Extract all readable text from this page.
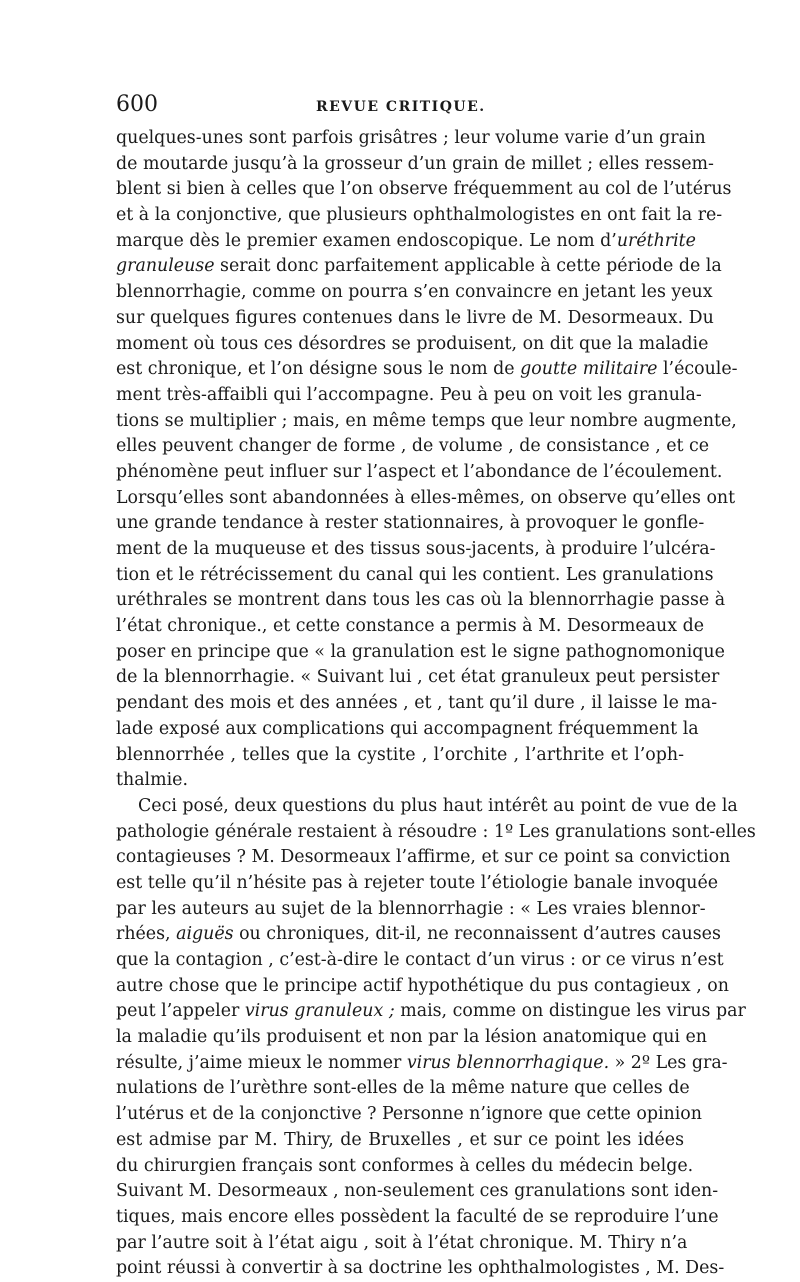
600	REVUE CRITIQUE.
quelques-unes sont parfois grisâtres ; leur volume varie d’un grain
de moutarde jusqu’à la grosseur d’un grain de millet ; elles ressem-
blent si bien à celles que l’on observe fréquemment au col de l’utérus
et à la conjonctive, que plusieurs ophthalmologistes en ont fait la re-
marque dès le premier examen endoscopique. Le nom d’uréthrite
granuleuse serait donc parfaitement applicable à cette période de la
blennorrhagie, comme on pourra s’en convaincre en jetant les yeux
sur quelques figures contenues dans le livre de M. Desormeaux. Du
moment où tous ces désordres se produisent, on dit que la maladie
est chronique, et l’on désigne sous le nom de goutte militaire l’écoule-
ment très-affaibli qui l’accompagne. Peu à peu on voit les granula-
tions se multiplier ; mais, en même temps que leur nombre augmente,
elles peuvent changer de forme , de volume , de consistance , et ce
phénomène peut influer sur l’aspect et l’abondance de l’écoulement.
Lorsqu’elles sont abandonnées à elles-mêmes, on observe qu’elles ont
une grande tendance à rester stationnaires, à provoquer le gonfle-
ment de la muqueuse et des tissus sous-jacents, à produire l’ulcéra-
tion et le rétrécissement du canal qui les contient. Les granulations
uréthrales se montrent dans tous les cas où la blennorrhagie passe à
l’état chronique., et cette constance a permis à M. Desormeaux de
poser en principe que « la granulation est le signe pathognomonique
de la blennorrhagie. « Suivant lui , cet état granuleux peut persister
pendant des mois et des années , et , tant qu’il dure , il laisse le ma-
lade exposé aux complications qui accompagnent fréquemment la
blennorrhée , telles que la cystite , l’orchite , l’arthrite et l’oph-
thalmie.
Ceci posé, deux questions du plus haut intérêt au point de vue de la
pathologie générale restaient à résoudre : 1º Les granulations sont-elles
contagieuses ? M. Desormeaux l’affirme, et sur ce point sa conviction
est telle qu’il n’hésite pas à rejeter toute l’étiologie banale invoquée
par les auteurs au sujet de la blennorrhagie : « Les vraies blennor-
rhées, aiguës ou chroniques, dit-il, ne reconnaissent d’autres causes
que la contagion , c’est-à-dire le contact d’un virus : or ce virus n’est
autre chose que le principe actif hypothétique du pus contagieux , on
peut l’appeler virus granuleux ; mais, comme on distingue les virus par
la maladie qu’ils produisent et non par la lésion anatomique qui en
résulte, j’aime mieux le nommer virus blennorrhagique. » 2º Les gra-
nulations de l’urèthre sont-elles de la même nature que celles de
l’utérus et de la conjonctive ? Personne n’ignore que cette opinion
est admise par M. Thiry, de Bruxelles , et sur ce point les idées
du chirurgien français sont conformes à celles du médecin belge.
Suivant M. Desormeaux , non-seulement ces granulations sont iden-
tiques, mais encore elles possèdent la faculté de se reproduire l’une
par l’autre soit à l’état aigu , soit à l’état chronique. M. Thiry n’a
point réussi à convertir à sa doctrine les ophthalmologistes , M. Des-
